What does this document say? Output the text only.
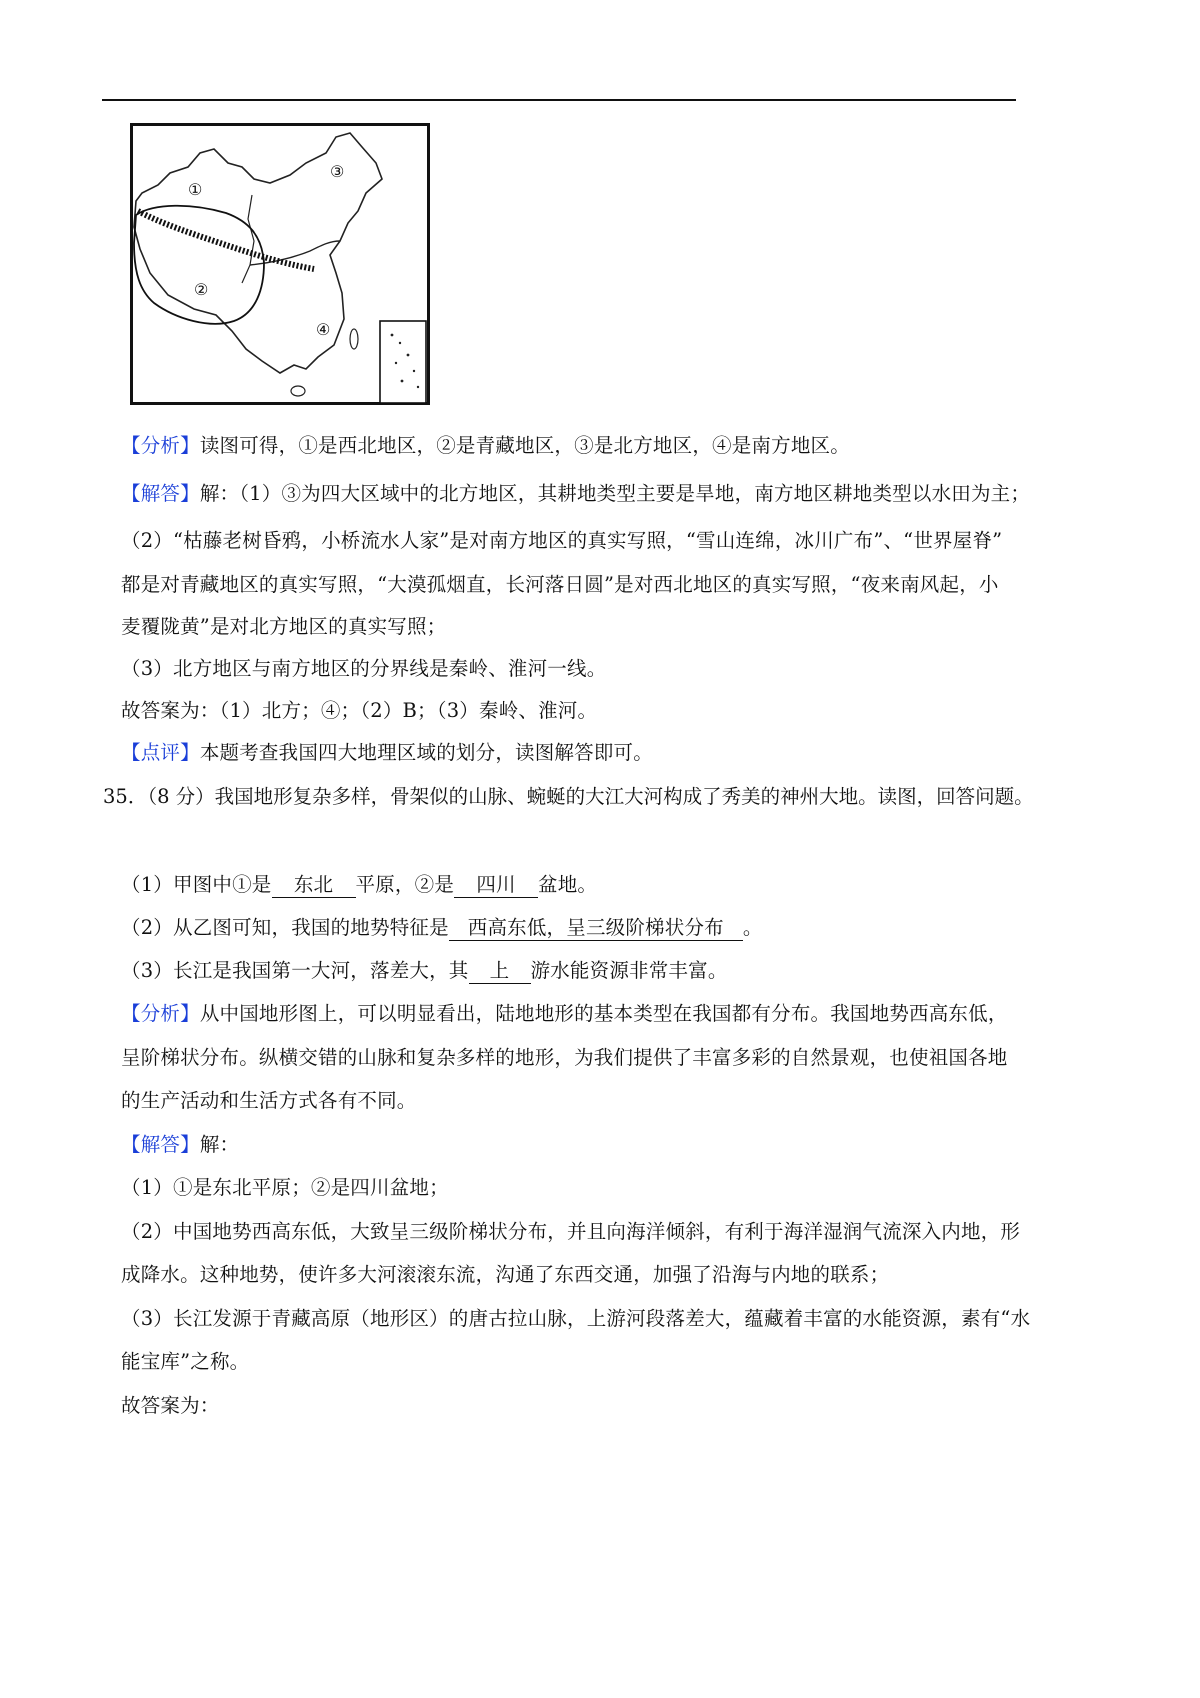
①
②
③
④
【分析】读图可得，①是西北地区，②是青藏地区，③是北方地区，④是南方地区。
【解答】解：（1）③为四大区域中的北方地区，其耕地类型主要是旱地，南方地区耕地类型以水田为主；
（2）“枯藤老树昏鸦，小桥流水人家”是对南方地区的真实写照，“雪山连绵，冰川广布”、“世界屋脊”
都是对青藏地区的真实写照，“大漠孤烟直，长河落日圆”是对西北地区的真实写照，“夜来南风起，小
麦覆陇黄”是对北方地区的真实写照；
（3）北方地区与南方地区的分界线是秦岭、淮河一线。
故答案为：（1）北方；④；（2）B；（3）秦岭、淮河。
【点评】本题考查我国四大地理区域的划分，读图解答即可。
35．（8 分）我国地形复杂多样，骨架似的山脉、蜿蜒的大江大河构成了秀美的神州大地。读图，回答问题。
（1）甲图中①是 东北 平原，②是 四川 盆地。
（2）从乙图可知，我国的地势特征是 西高东低，呈三级阶梯状分布 。
（3）长江是我国第一大河，落差大，其 上 游水能资源非常丰富。
【分析】从中国地形图上，可以明显看出，陆地地形的基本类型在我国都有分布。我国地势西高东低，
呈阶梯状分布。纵横交错的山脉和复杂多样的地形，为我们提供了丰富多彩的自然景观，也使祖国各地
的生产活动和生活方式各有不同。
【解答】解：
（1）①是东北平原；②是四川盆地；
（2）中国地势西高东低，大致呈三级阶梯状分布，并且向海洋倾斜，有利于海洋湿润气流深入内地，形
成降水。这种地势，使许多大河滚滚东流，沟通了东西交通，加强了沿海与内地的联系；
（3）长江发源于青藏高原（地形区）的唐古拉山脉，上游河段落差大，蕴藏着丰富的水能资源，素有“水
能宝库”之称。
故答案为：
